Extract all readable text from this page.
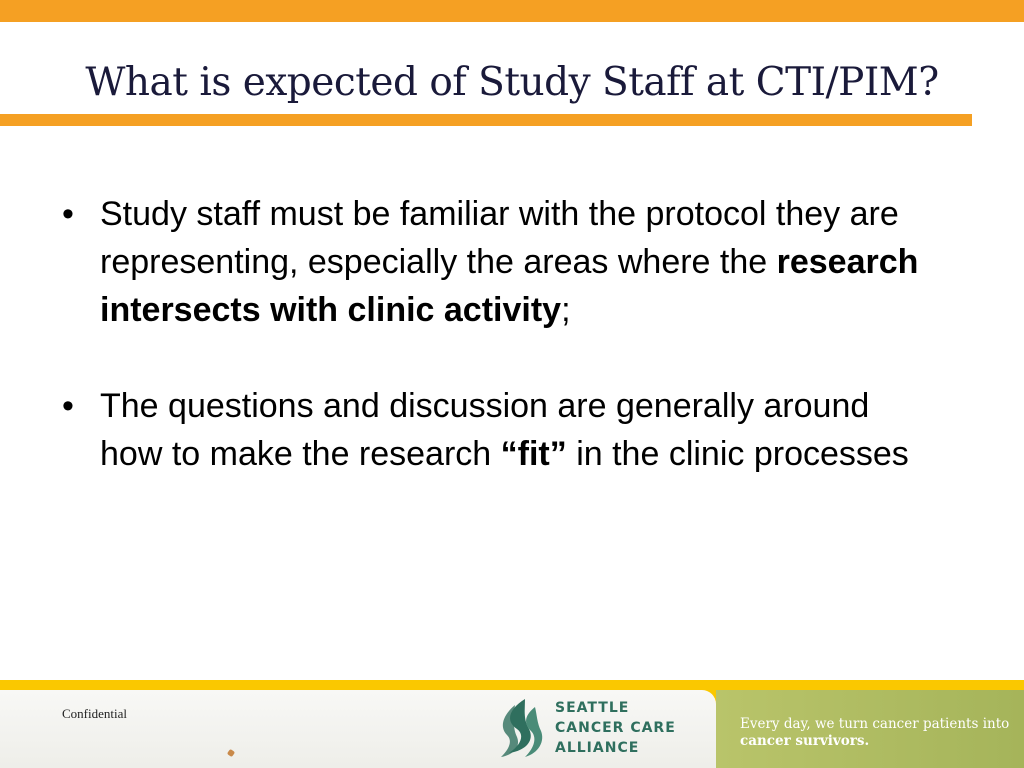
What is expected of Study Staff at CTI/PIM?
• Study staff must be familiar with the protocol they are representing, especially the areas where the research intersects with clinic activity;
• The questions and discussion are generally around how to make the research “fit” in the clinic processes
Confidential	SEATTLE
CANCER CARE
ALLIANCE
Every day, we turn cancer patients into cancer survivors.
